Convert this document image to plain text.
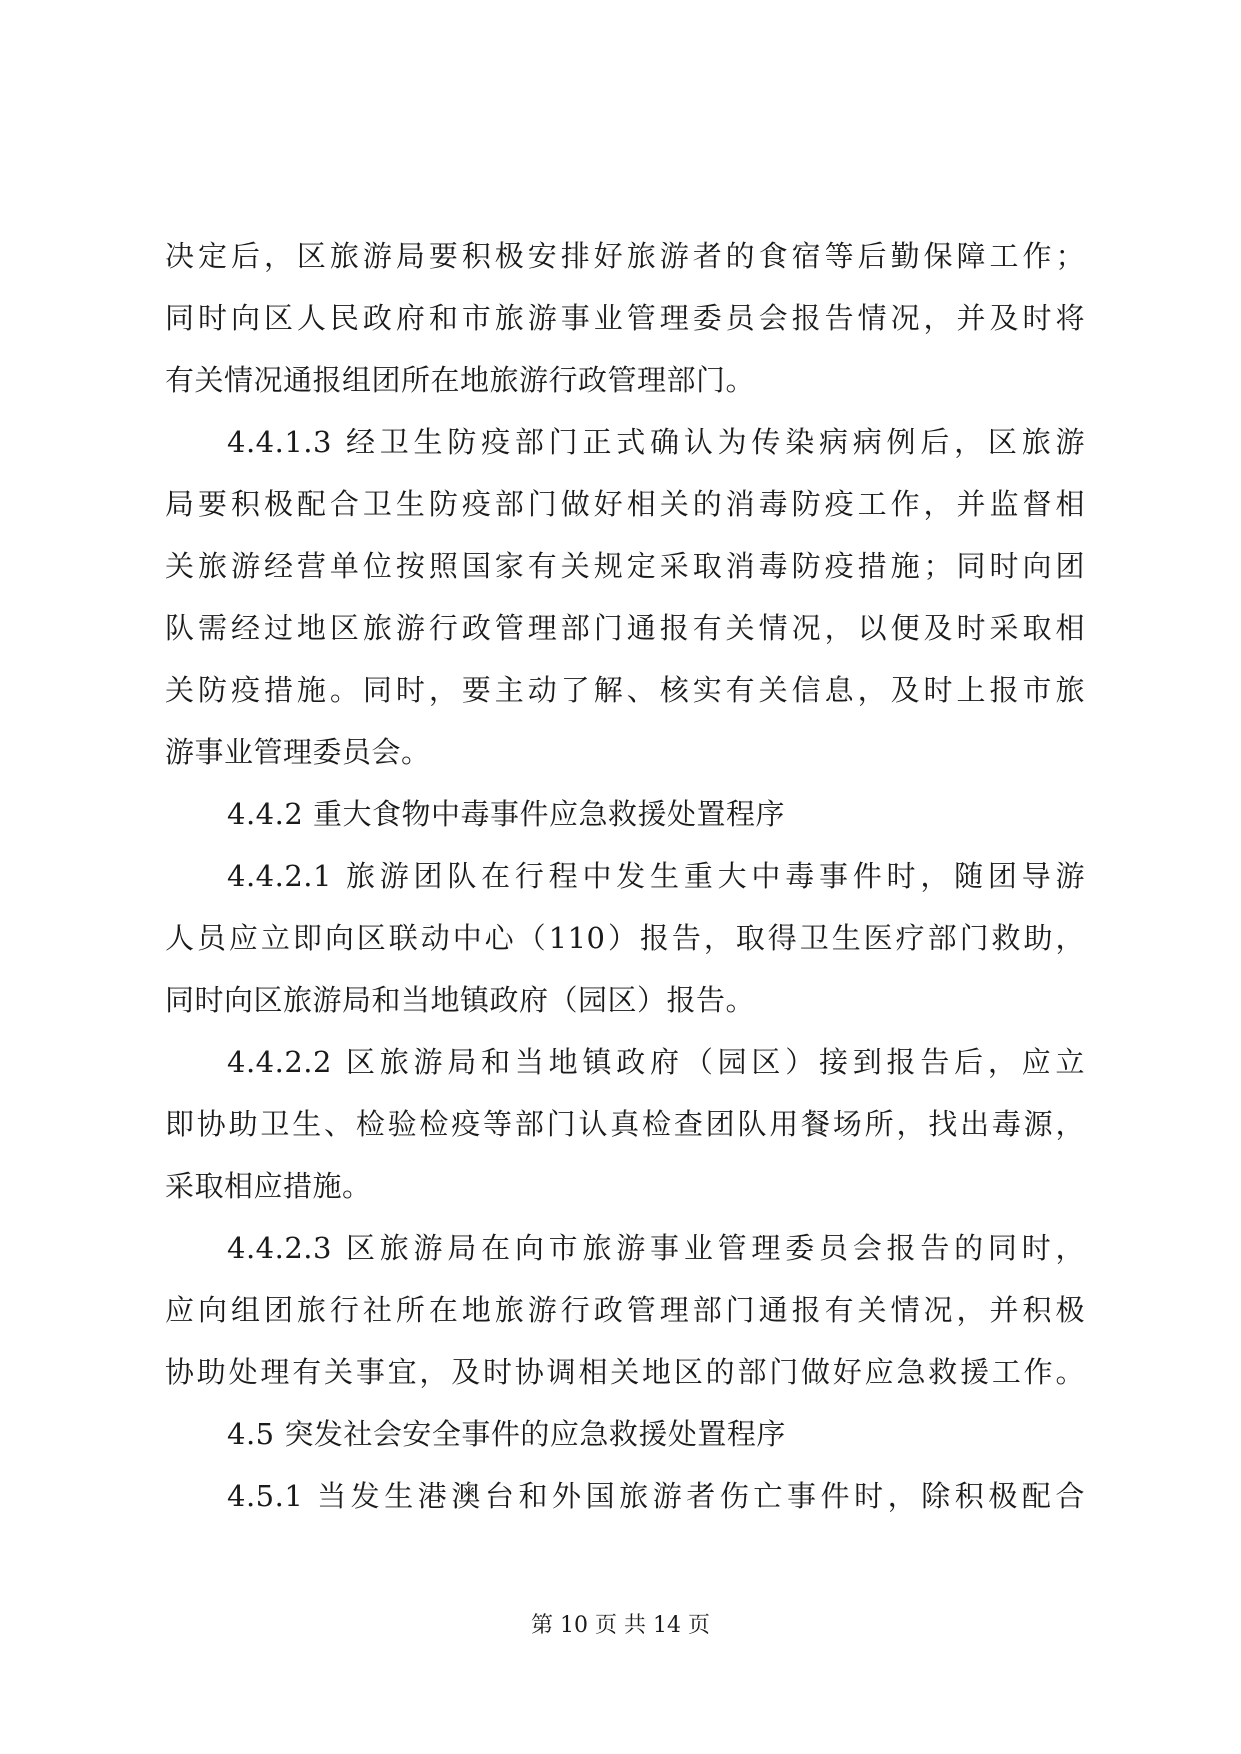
决定后，区旅游局要积极安排好旅游者的食宿等后勤保障工作；
同时向区人民政府和市旅游事业管理委员会报告情况，并及时将
有关情况通报组团所在地旅游行政管理部门。
4.4.1.3 经卫生防疫部门正式确认为传染病病例后，区旅游
局要积极配合卫生防疫部门做好相关的消毒防疫工作，并监督相
关旅游经营单位按照国家有关规定采取消毒防疫措施；同时向团
队需经过地区旅游行政管理部门通报有关情况，以便及时采取相
关防疫措施。同时，要主动了解、核实有关信息，及时上报市旅
游事业管理委员会。
4.4.2 重大食物中毒事件应急救援处置程序
4.4.2.1 旅游团队在行程中发生重大中毒事件时，随团导游
人员应立即向区联动中心（110）报告，取得卫生医疗部门救助，
同时向区旅游局和当地镇政府（园区）报告。
4.4.2.2 区旅游局和当地镇政府（园区）接到报告后，应立
即协助卫生、检验检疫等部门认真检查团队用餐场所，找出毒源，
采取相应措施。
4.4.2.3 区旅游局在向市旅游事业管理委员会报告的同时，
应向组团旅行社所在地旅游行政管理部门通报有关情况，并积极
协助处理有关事宜，及时协调相关地区的部门做好应急救援工作。
4.5 突发社会安全事件的应急救援处置程序
4.5.1 当发生港澳台和外国旅游者伤亡事件时，除积极配合
第 10 页 共 14 页
